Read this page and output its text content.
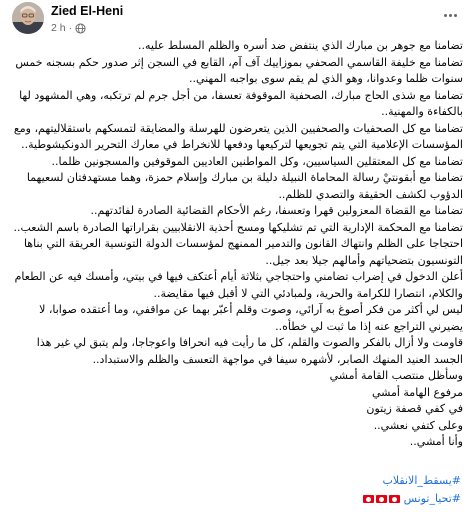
Zied El-Heni
2 h ·

تضامنا مع جوهر بن مبارك الذي ينتفض ضد أسره والظلم المسلط عليه..

تضامنا مع خليفة القاسمي الصحفي بموزاييك آف آم، القابع في السجن إثر صدور حكم بسجنه خمس سنوات ظلما وعدوانا، وهو الذي لم يقم سوى بواجبه المهني..

تضامنا مع شذى الحاج مبارك، الصحفية الموقوفة تعسفا، من أجل جرم لم ترتكبه، وهي المشهود لها بالكفاءة والمهنية..

تضامنا مع كل الصحفيات والصحفيين الذين يتعرضون للهرسلة والمضايقة لتمسكهم باستقلاليتهم، ومع المؤسسات الإعلامية التي يتم تجويعها لتركيعها ودفعها للانخراط في معارك التحرير الدونكيشوطية..

تضامنا مع كل المعتقلين السياسيين، وكل المواطنين العاديين الموقوفين والمسجونين ظلما..

تضامنا مع أبقونتيْ رسالة المحاماة النبيلة دليلة بن مبارك وإسلام حمزة، وهما مستهدفتان لسعيهما الدؤوب لكشف الحقيقة والتصدي للظلم..

تضامنا مع القضاة المعزولين قهرا وتعسفا، رغم الأحكام القضائية الصادرة لفائدتهم..

تضامنا مع المحكمة الإدارية التي تم تشليكها ومسح أحذية الانقلابيين بقراراتها الصادرة باسم الشعب..

احتجاجا على الظلم وانتهاك القانون والتدمير الممنهج لمؤسسات الدولة التونسية العريقة التي بناها التونسيون بتضحياتهم وأمالهم جيلا بعد جيل..

أعلن الدخول في إضراب تضامني واحتجاجي بثلاثة أيام أعتكف فيها في بيتي، وأمسك فيه عن الطعام والكلام، انتصارا للكرامة والحرية، ولمبادئي التي لا أقبل فيها مقايضة..

ليس لي أكثر من فكر أصوغ به آرائي، وصوت وقلم أعبّر بهما عن مواقفي، وما أعتقده صوابا، لا يضيرني التراجع عنه إذا ما ثبت لي خطأه..

قاومت ولا أزال بالفكر والصوت والقلم، كل ما رأيت فيه انحرافا واعوجاجا، ولم يتبق لي غير هذا الجسد العنيد المنهك الصابر، لأشهره سيفا في مواجهة التعسف والظلم والاستبداد..

وسأظل منتصب القامة أمشي

مرفوع الهامة أمشي

في كفي قصفة زيتون

وعلى كتفي نعشي..

وأنا أمشي..

#يسقط_الانقلاب
#تحيا_تونس
